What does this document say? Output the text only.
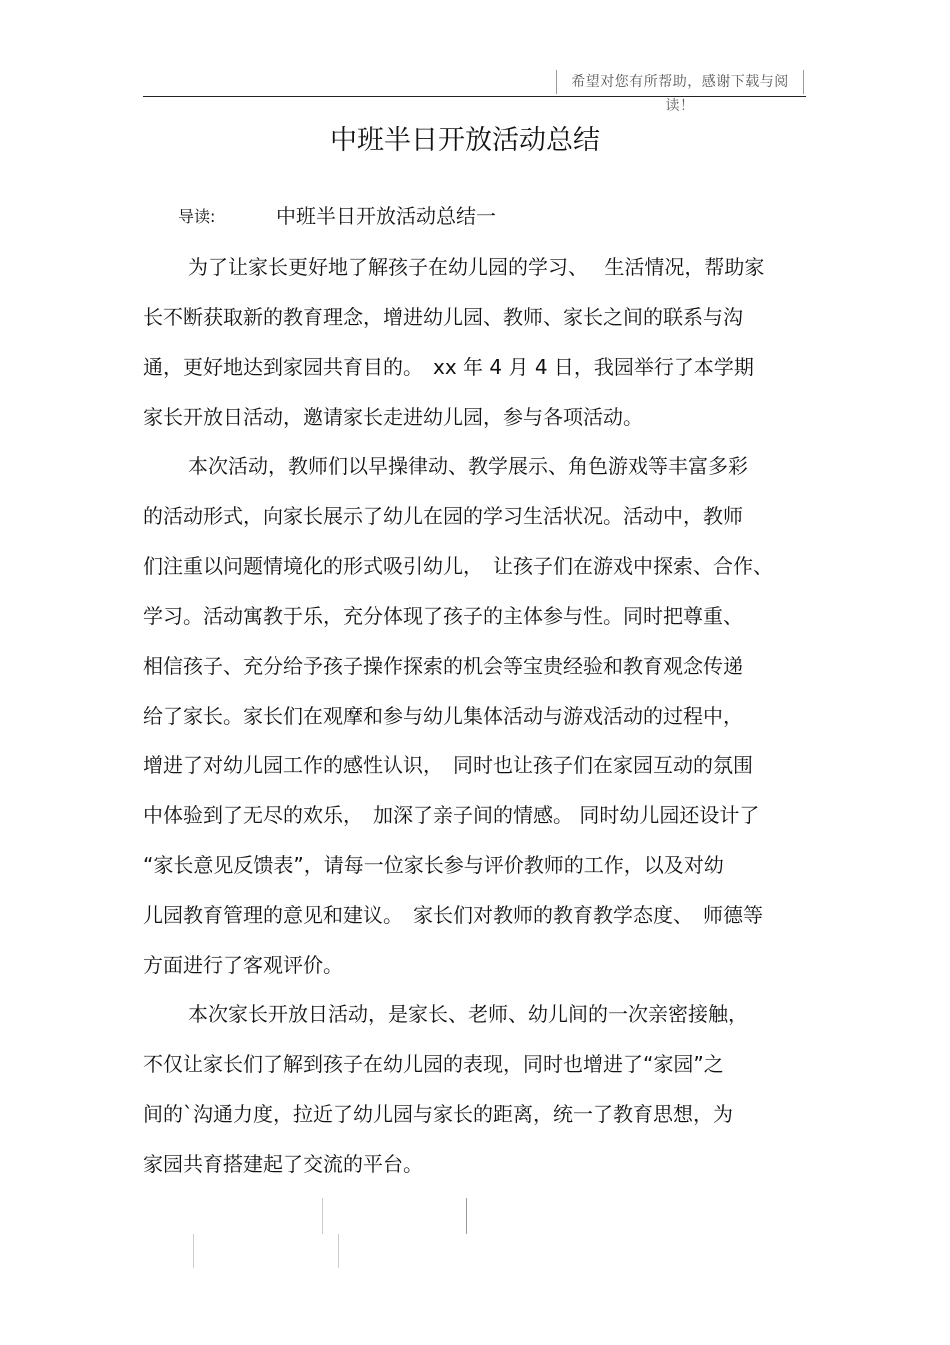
希望对您有所帮助，感谢下载与阅读！
中班半日开放活动总结
导读:	中班半日开放活动总结一
为了让家长更好地了解孩子在幼儿园的学习、　 生活情况，帮助家
长不断获取新的教育理念，增进幼儿园、教师、家长之间的联系与沟
通，更好地达到家园共育目的。　xx 年 4 月 4 日，我园举行了本学期
家长开放日活动，邀请家长走进幼儿园，参与各项活动。
本次活动，教师们以早操律动、教学展示、角色游戏等丰富多彩
的活动形式，向家长展示了幼儿在园的学习生活状况。活动中，教师
们注重以问题情境化的形式吸引幼儿，　让孩子们在游戏中探索、合作、
学习。活动寓教于乐，充分体现了孩子的主体参与性。同时把尊重、
相信孩子、充分给予孩子操作探索的机会等宝贵经验和教育观念传递
给了家长。家长们在观摩和参与幼儿集体活动与游戏活动的过程中，
增进了对幼儿园工作的感性认识，　同时也让孩子们在家园互动的氛围
中体验到了无尽的欢乐，　加深了亲子间的情感。 同时幼儿园还设计了
“家长意见反馈表”，请每一位家长参与评价教师的工作，以及对幼
儿园教育管理的意见和建议。　家长们对教师的教育教学态度、　师德等
方面进行了客观评价。
本次家长开放日活动，是家长、老师、幼儿间的一次亲密接触，
不仅让家长们了解到孩子在幼儿园的表现，同时也增进了“家园”之
间的`沟通力度，拉近了幼儿园与家长的距离，统一了教育思想，为
家园共育搭建起了交流的平台。
